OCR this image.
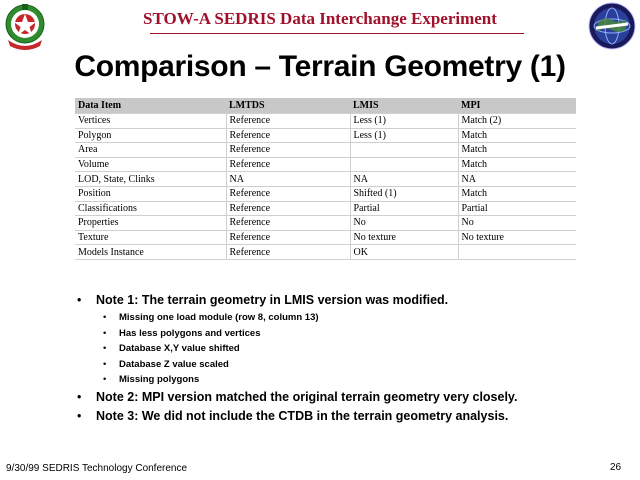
STOW-A SEDRIS Data Interchange Experiment
Comparison – Terrain Geometry (1)
Data Item	LMTDS	LMIS	MPI
Vertices	Reference	Less (1)	Match (2)
Polygon	Reference	Less (1)	Match
Area	Reference		Match
Volume	Reference		Match
LOD, State, Clinks	NA	NA	NA
Position	Reference	Shifted (1)	Match
Classifications	Reference	Partial	Partial
Properties	Reference	No	No
Texture	Reference	No texture	No texture
Models Instance	Reference	OK	
• Note 1: The terrain geometry in LMIS version was modified.
• Missing one load module (row 8, column 13)
• Has less polygons and vertices
• Database X,Y value shifted
• Database Z value scaled
• Missing polygons
• Note 2: MPI version matched the original terrain geometry very closely.
• Note 3: We did not include the CTDB in the terrain geometry analysis.
9/30/99 SEDRIS Technology Conference	26
